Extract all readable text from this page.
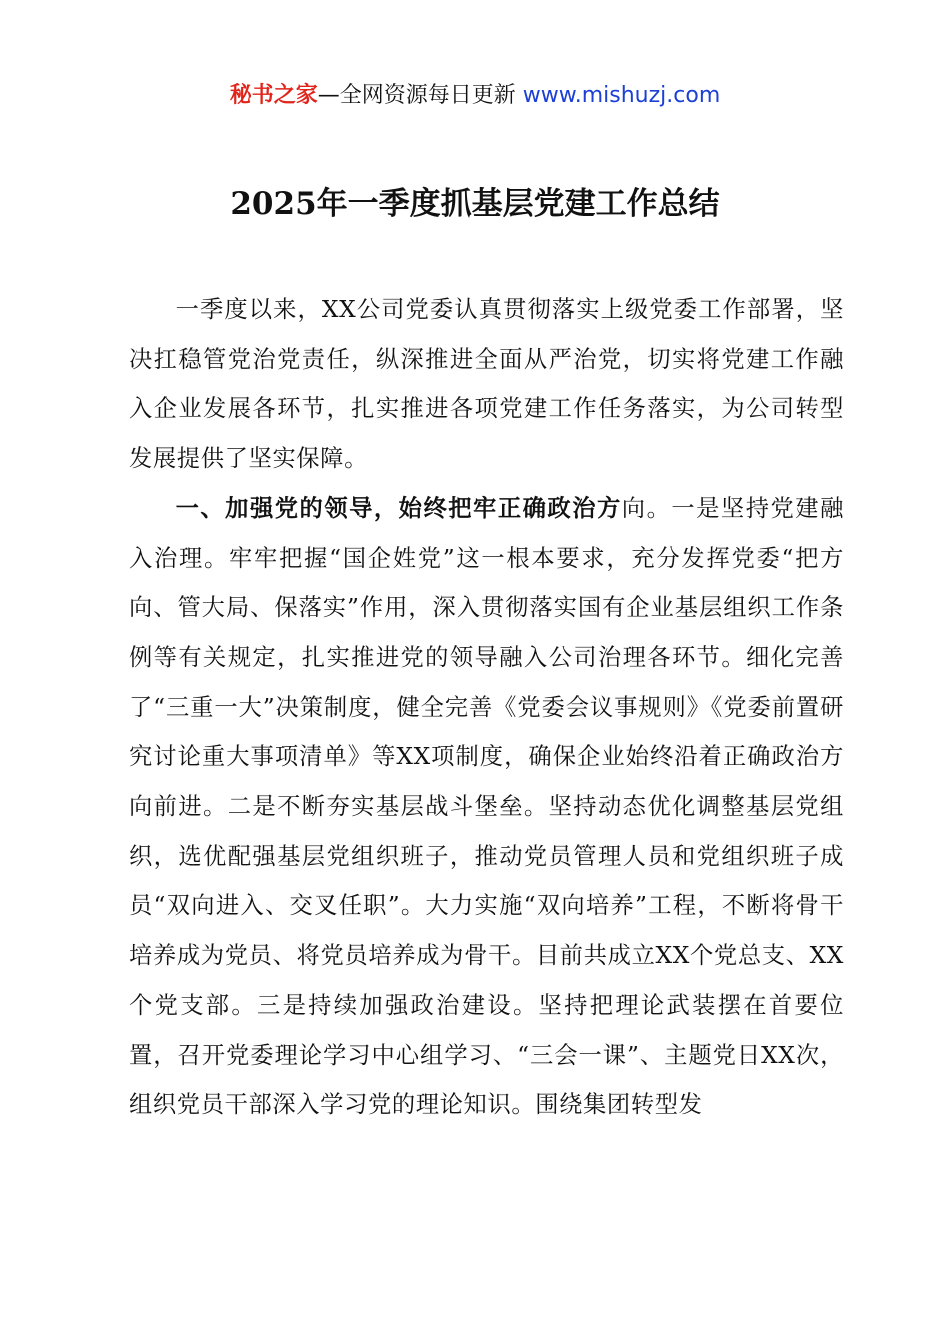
秘书之家—全网资源每日更新 www.mishuzj.com
2025年一季度抓基层党建工作总结

一季度以来，XX公司党委认真贯彻落实上级党委工作部署，坚决扛稳管党治党责任，纵深推进全面从严治党，切实将党建工作融入企业发展各环节，扎实推进各项党建工作任务落实，为公司转型发展提供了坚实保障。

一、加强党的领导，始终把牢正确政治方向。一是坚持党建融入治理。牢牢把握“国企姓党”这一根本要求，充分发挥党委“把方向、管大局、保落实”作用，深入贯彻落实国有企业基层组织工作条例等有关规定，扎实推进党的领导融入公司治理各环节。细化完善了“三重一大”决策制度，健全完善《党委会议事规则》《党委前置研究讨论重大事项清单》等XX项制度，确保企业始终沿着正确政治方向前进。二是不断夯实基层战斗堡垒。坚持动态优化调整基层党组织，选优配强基层党组织班子，推动党员管理人员和党组织班子成员“双向进入、交叉任职”。大力实施“双向培养”工程，不断将骨干培养成为党员、将党员培养成为骨干。目前共成立XX个党总支、XX个党支部。三是持续加强政治建设。坚持把理论武装摆在首要位置，召开党委理论学习中心组学习、“三会一课”、主题党日XX次，组织党员干部深入学习党的理论知识。围绕集团转型发
